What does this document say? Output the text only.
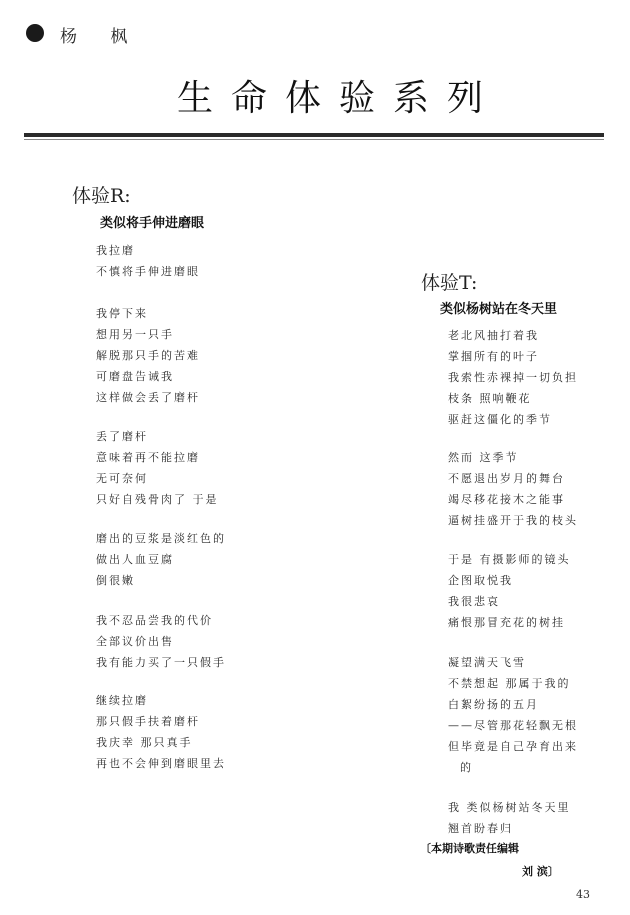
杨 枫
生命体验系列
体验R:
类似将手伸进磨眼
我拉磨
不慎将手伸进磨眼
我停下来
想用另一只手
解脱那只手的苦难
可磨盘告诫我
这样做会丢了磨杆
丢了磨杆
意味着再不能拉磨
无可奈何
只好自残骨肉了 于是
磨出的豆浆是淡红色的
做出人血豆腐
倒很嫩
我不忍品尝我的代价
全部议价出售
我有能力买了一只假手
继续拉磨
那只假手扶着磨杆
我庆幸 那只真手
再也不会伸到磨眼里去
体验T:
类似杨树站在冬天里
老北风抽打着我
掌掴所有的叶子
我索性赤裸掉一切负担
枝条 照响鞭花
驱赶这僵化的季节
然而 这季节
不愿退出岁月的舞台
竭尽移花接木之能事
逼树挂盛开于我的枝头
于是 有摄影师的镜头
企图取悦我
我很悲哀
痛恨那冒充花的树挂
凝望满天飞雪
不禁想起 那属于我的
白絮纷扬的五月
——尽管那花轻飘无根
但毕竟是自己孕育出来
的
我 类似杨树站冬天里
翘首盼春归
〔本期诗歌责任编辑
刘 滨〕
43
